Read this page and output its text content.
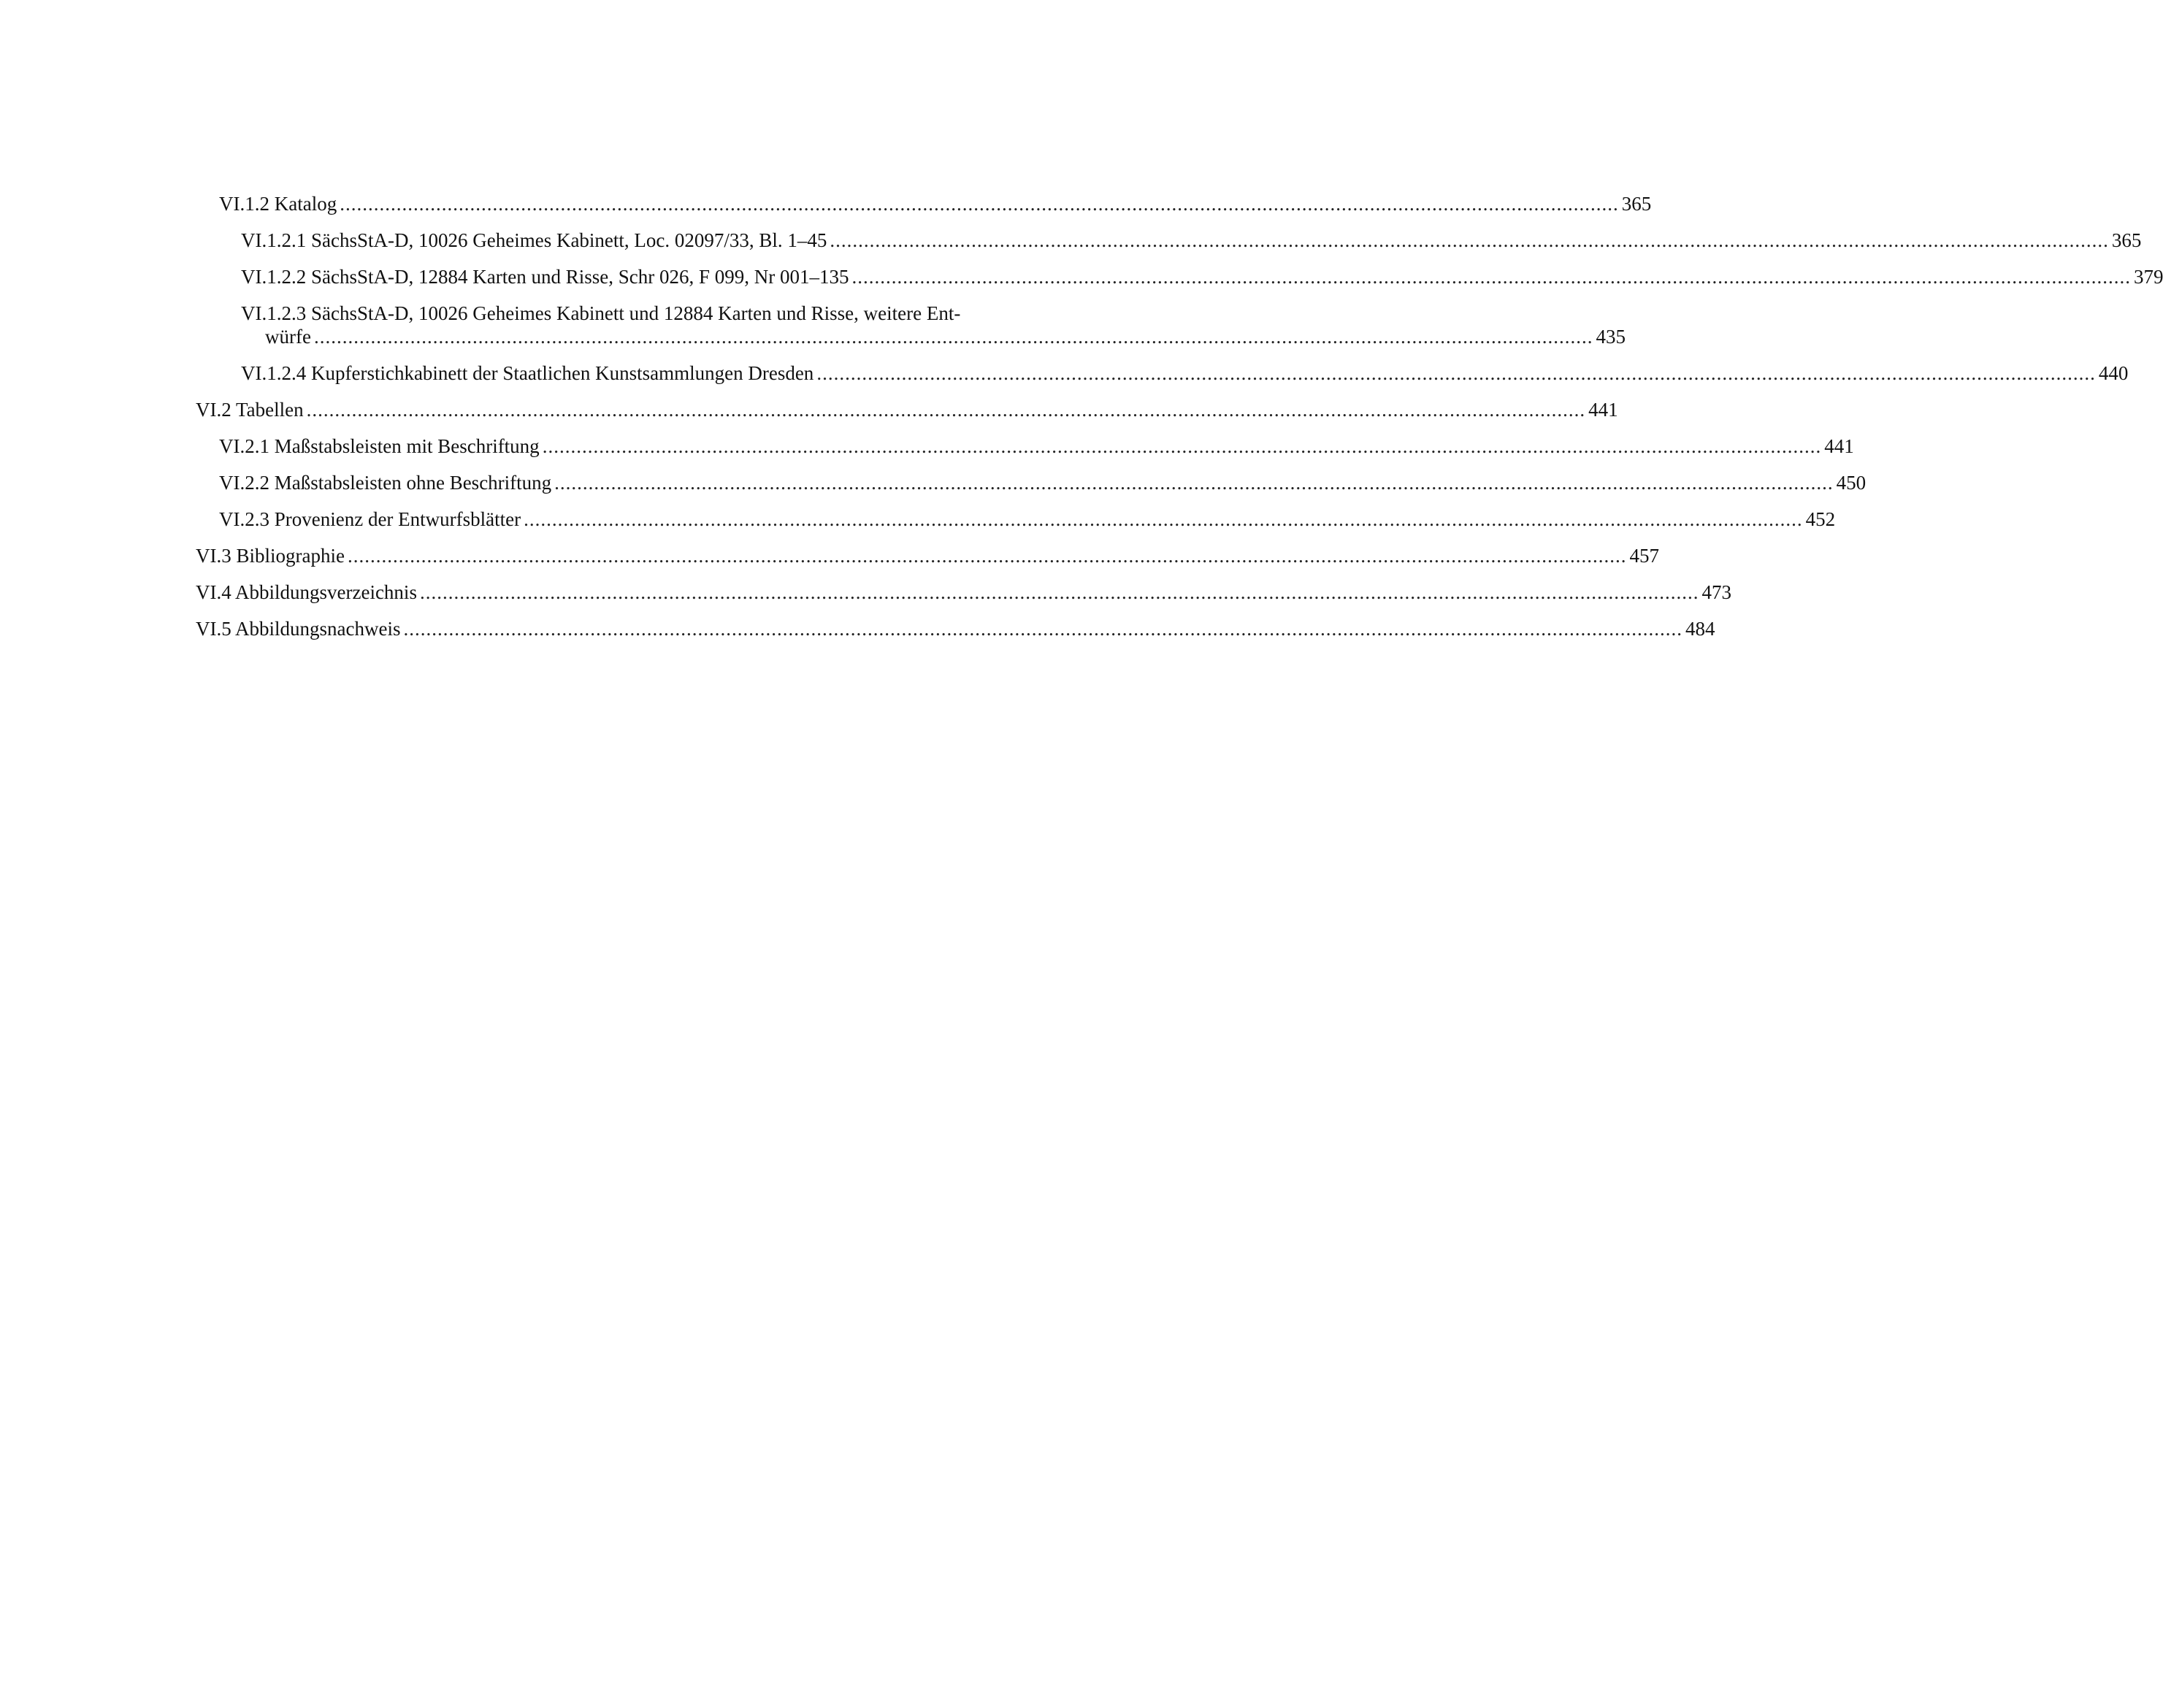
VI.1.2 Katalog .................................................................................................................................................................................................................................. 365
VI.1.2.1 SächsStA-D, 10026 Geheimes Kabinett, Loc. 02097/33, Bl. 1–45 .................................................................................................................................................................................................................................. 365
VI.1.2.2 SächsStA-D, 12884 Karten und Risse, Schr 026, F 099, Nr 001–135 .................................................................................................................................................................................................................................. 379
VI.1.2.3 SächsStA-D, 10026 Geheimes Kabinett und 12884 Karten und Risse, weitere Ent-
würfe .................................................................................................................................................................................................................................. 435
VI.1.2.4 Kupferstichkabinett der Staatlichen Kunstsammlungen Dresden .................................................................................................................................................................................................................................. 440
VI.2 Tabellen .................................................................................................................................................................................................................................. 441
VI.2.1 Maßstabsleisten mit Beschriftung .................................................................................................................................................................................................................................. 441
VI.2.2 Maßstabsleisten ohne Beschriftung .................................................................................................................................................................................................................................. 450
VI.2.3 Provenienz der Entwurfsblätter .................................................................................................................................................................................................................................. 452
VI.3 Bibliographie .................................................................................................................................................................................................................................. 457
VI.4 Abbildungsverzeichnis .................................................................................................................................................................................................................................. 473
VI.5 Abbildungsnachweis .................................................................................................................................................................................................................................. 484
